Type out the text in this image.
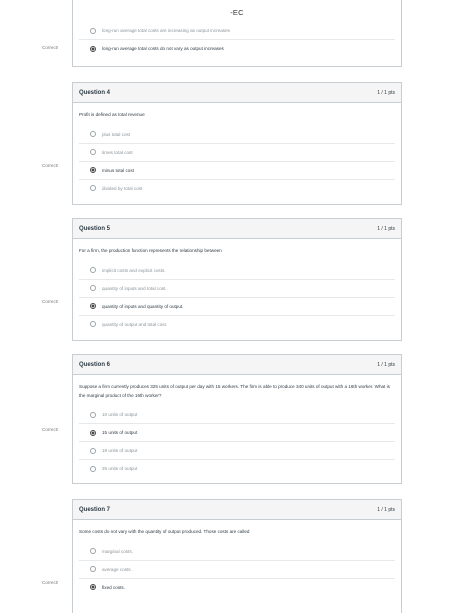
-EC
long-run average total costs are increasing as output increases
long-run average total costs do not vary as output increases
Correct!
Question 4	1 / 1 pts
Profit is defined as total revenue
plus total cost
times total cost
minus total cost
divided by total cost
Correct!
Question 5	1 / 1 pts
For a firm, the production function represents the relationship between
implicit costs and explicit costs.
quantity of inputs and total cost.
quantity of inputs and quantity of output.
quantity of output and total cost.
Correct!
Question 6	1 / 1 pts
Suppose a firm currently produces 325 units of output per day with 15 workers. The firm is able to produce 340 units of output with a 16th worker. What is the marginal product of the 16th worker?
10 units of output
15 units of output
18 units of output
25 units of output
Correct!
Question 7	1 / 1 pts
Some costs do not vary with the quantity of output produced. Those costs are called
marginal costs.
average costs.
fixed costs.
Correct!
